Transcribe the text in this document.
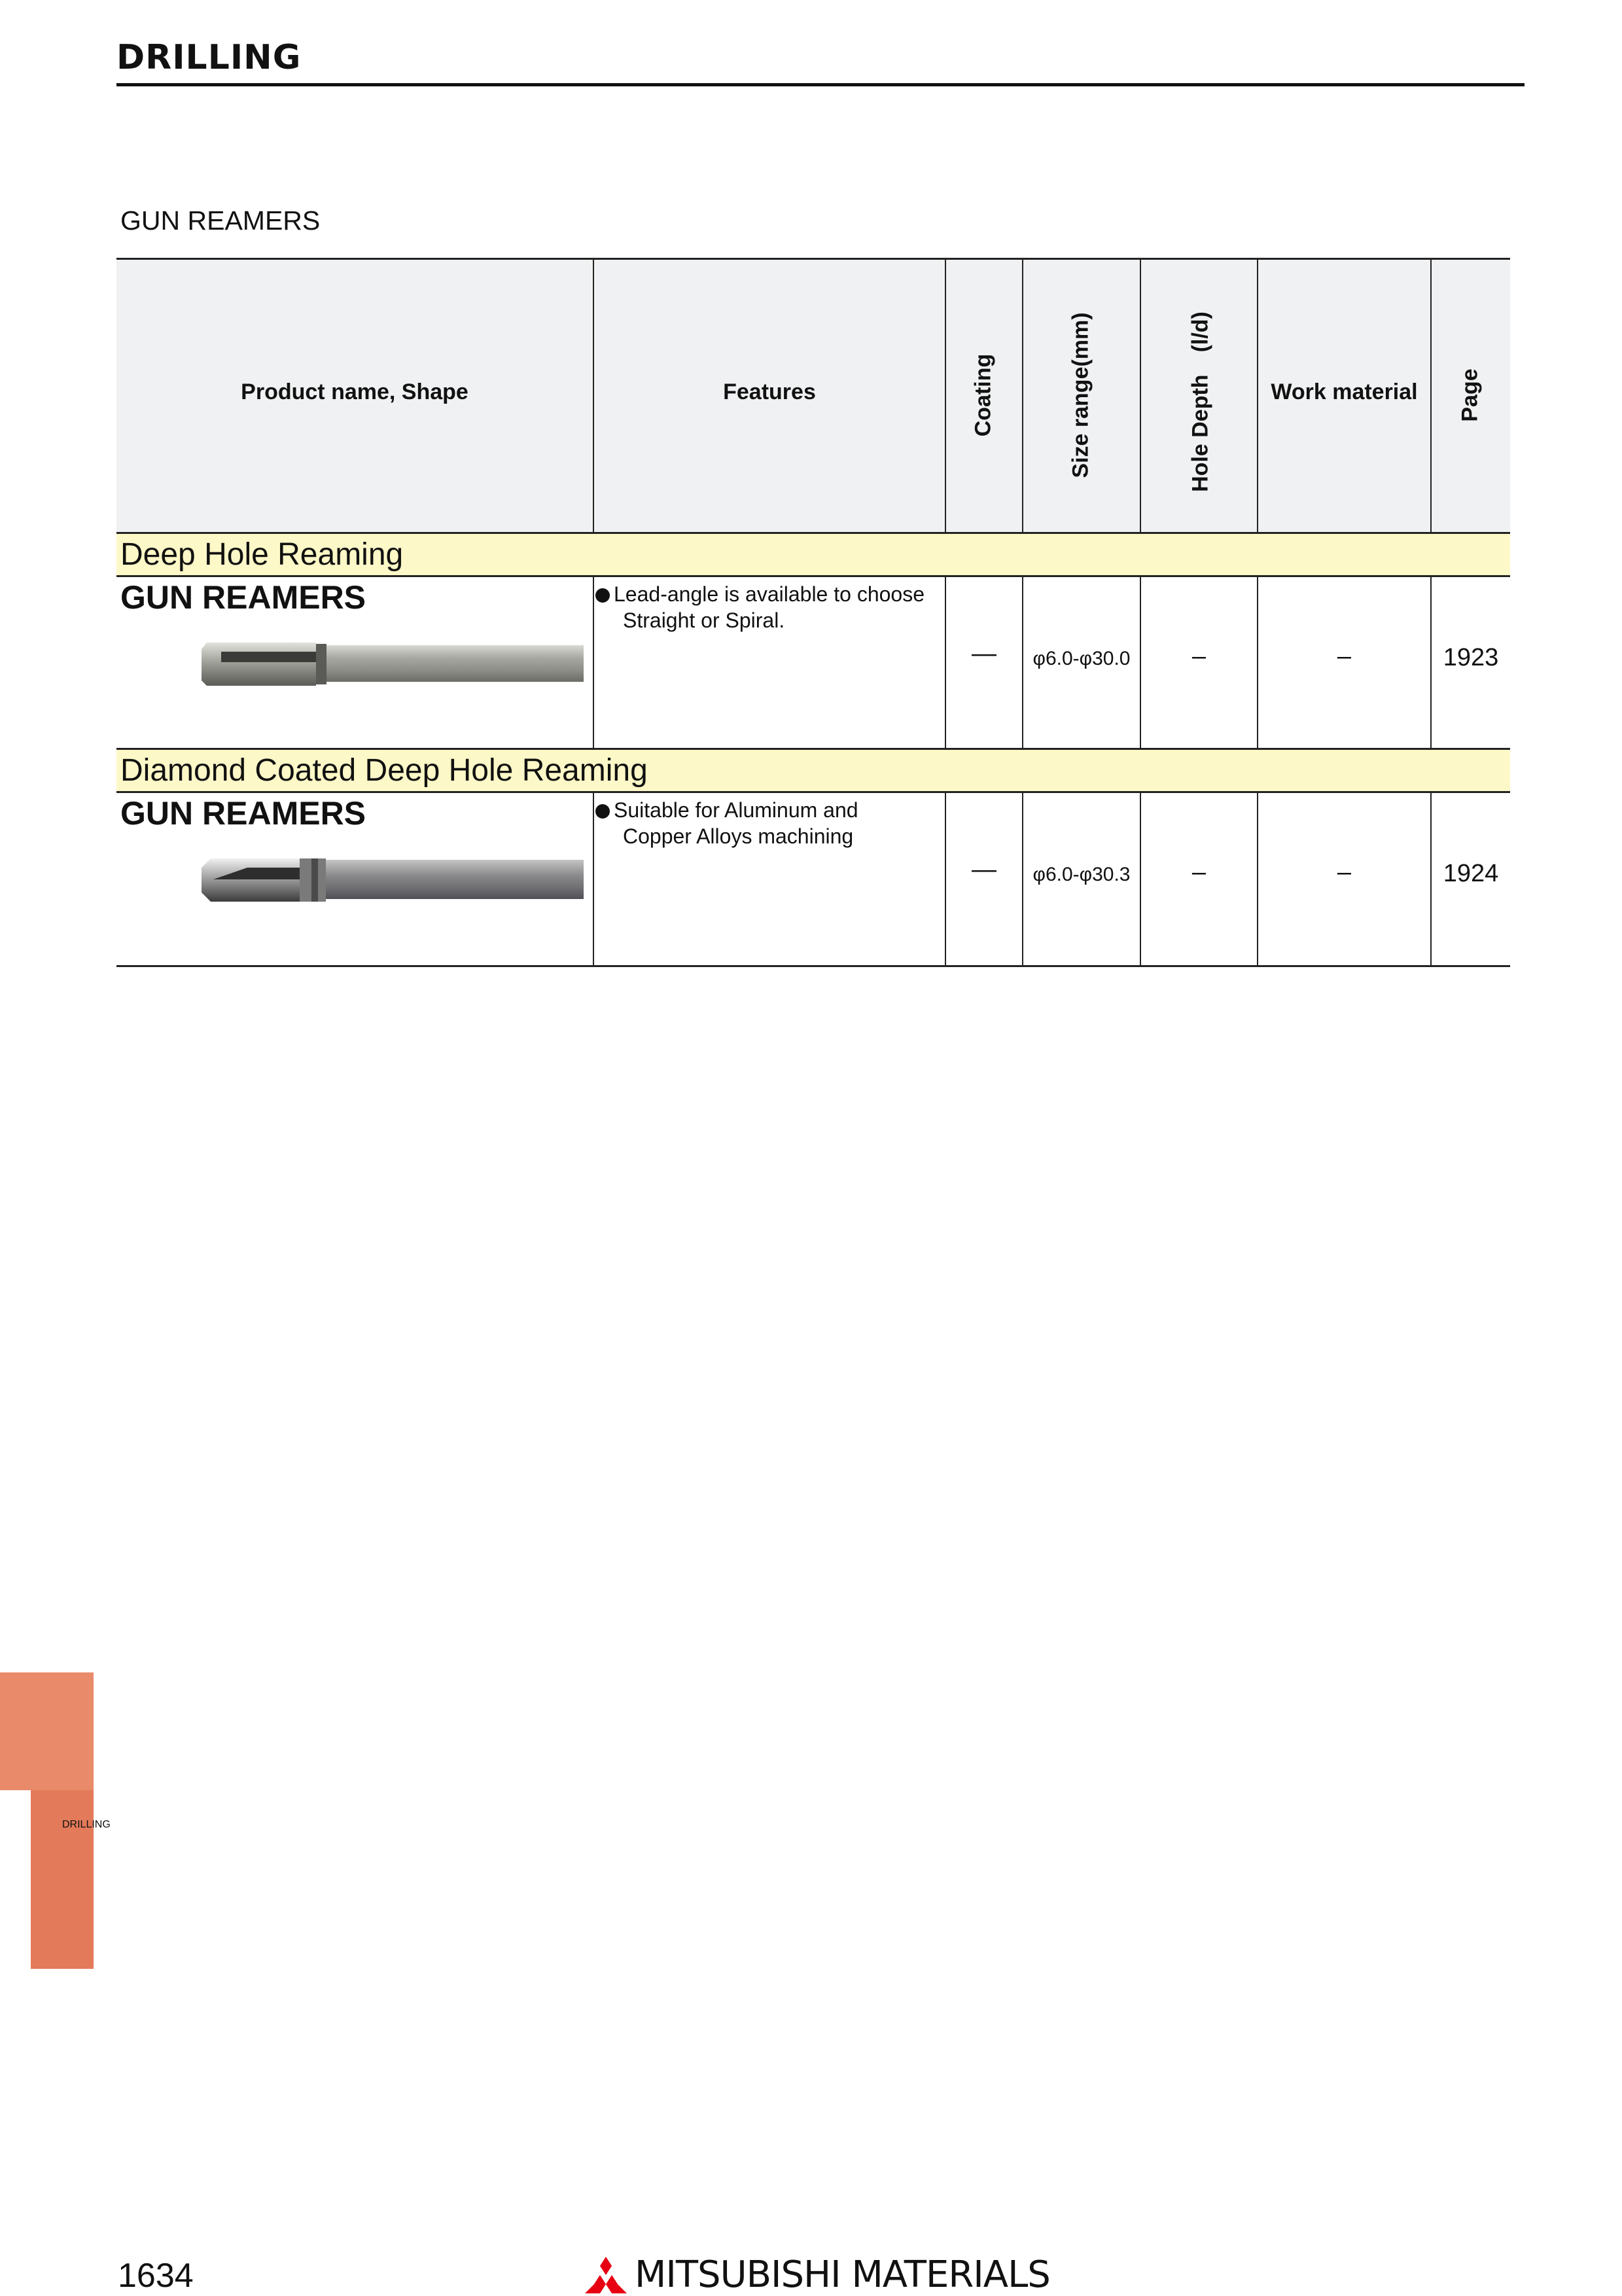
DRILLING
GUN REAMERS
Deep Hole Reaming
Diamond Coated Deep Hole Reaming
Product name, Shape	Features	Coating	Size range(mm)	Hole Depth　(l/d)	Work material	Page
GUN REAMERS	Lead-angle is available to choose
Straight or Spiral.
—	φ6.0-φ30.0	–	–	1923
GUN REAMERS	Suitable for Aluminum and
Copper Alloys machining
—	φ6.0-φ30.3	–	–	1924
DRILLING
1634	MITSUBISHI MATERIALS
